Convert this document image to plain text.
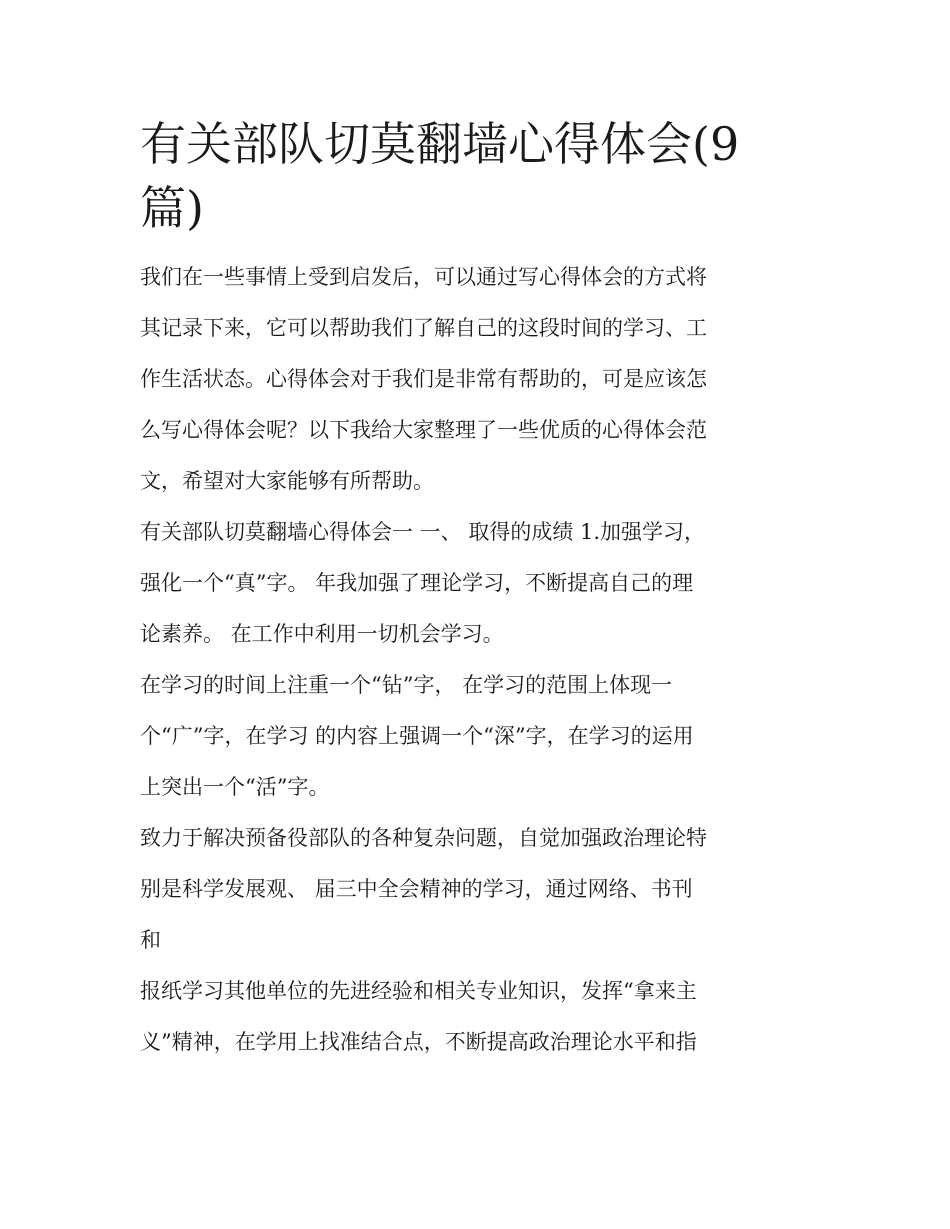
有关部队切莫翻墙心得体会(9
篇)

我们在一些事情上受到启发后，可以通过写心得体会的方式将
其记录下来，它可以帮助我们了解自己的这段时间的学习、工
作生活状态。心得体会对于我们是非常有帮助的，可是应该怎
么写心得体会呢？以下我给大家整理了一些优质的心得体会范
文，希望对大家能够有所帮助。

有关部队切莫翻墙心得体会一 一、 取得的成绩 1.加强学习，
强化一个“真”字。 年我加强了理论学习，不断提高自己的理
论素养。 在工作中利用一切机会学习。

在学习的时间上注重一个“钻”字， 在学习的范围上体现一
个“广”字，在学习 的内容上强调一个“深”字，在学习的运用
上突出一个“活”字。

致力于解决预备役部队的各种复杂问题，自觉加强政治理论特
别是科学发展观、 届三中全会精神的学习，通过网络、书刊
和

报纸学习其他单位的先进经验和相关专业知识，发挥“拿来主
义”精神，在学用上找准结合点，不断提高政治理论水平和指
